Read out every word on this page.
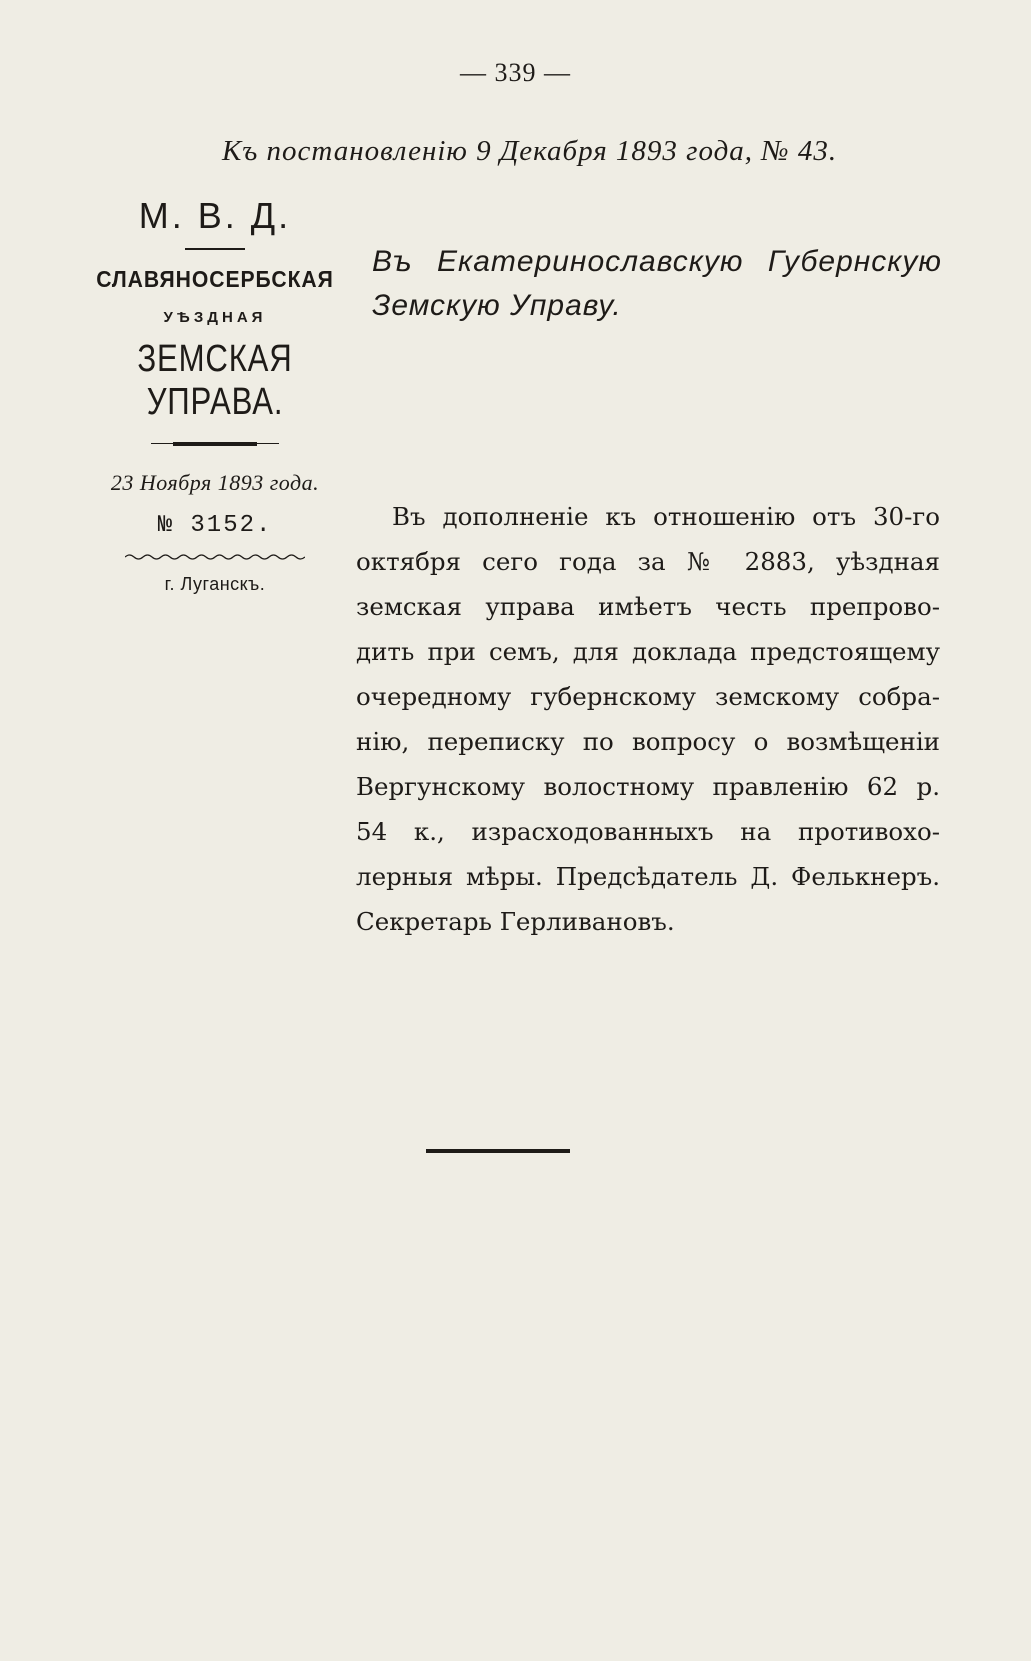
— 339 —
Къ постановленію 9 Декабря 1893 года, № 43.
М. В. Д.
СЛАВЯНОСЕРБСКАЯ
УѢЗДНАЯ
ЗЕМСКАЯ УПРАВА.
23 Ноября 1893 года.
№ 3152.
г. Луганскъ.
Въ Екатеринославскую Губернскую
Земскую Управу.
Въ дополненіе къ отношенію отъ 30-го
октября сего года за № 2883, уѣздная
земская управа имѣетъ честь препрово-
дить при семъ, для доклада предстоящему
очередному губернскому земскому собра-
нію, переписку по вопросу о возмѣщеніи
Вергунскому волостному правленію 62 р.
54 к., израсходованныхъ на противохо-
лерныя мѣры. Предсѣдатель Д. Фелькнеръ.
Секретарь Герливановъ.
